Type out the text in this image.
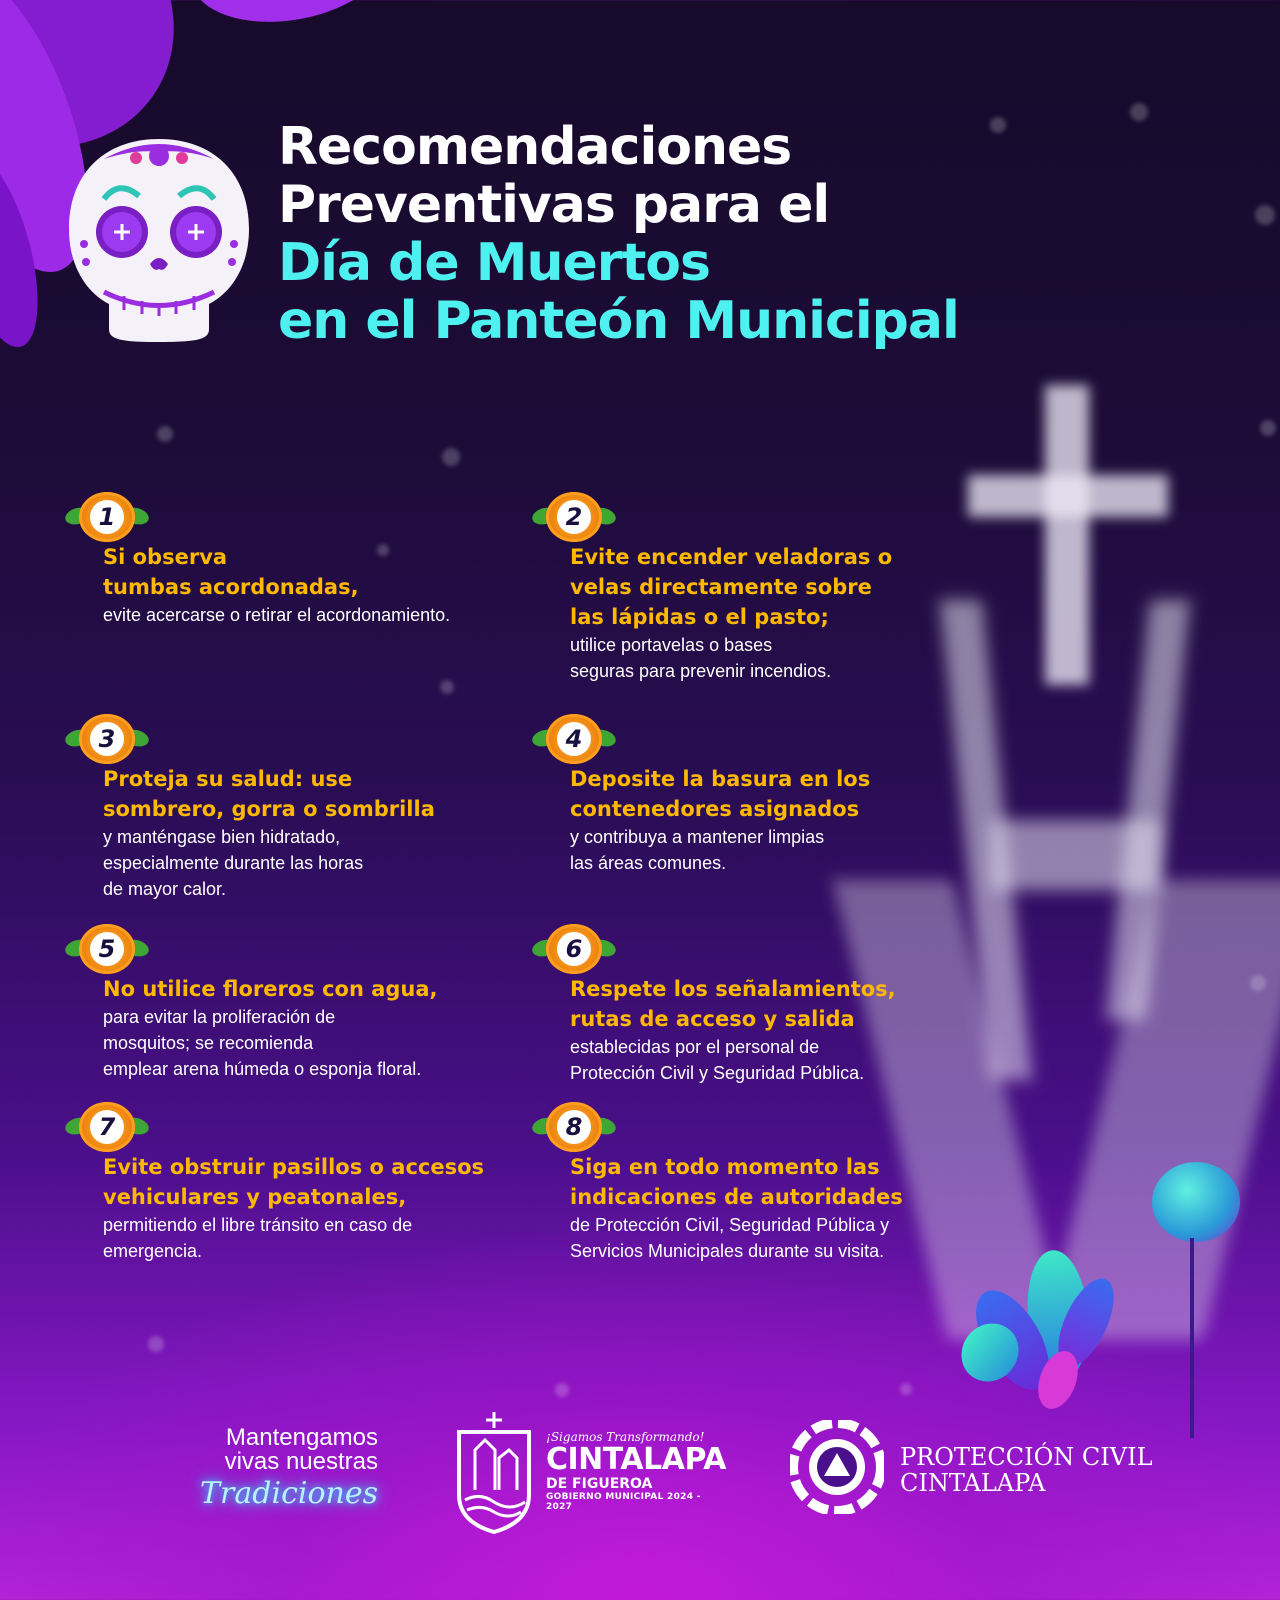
Recomendaciones
Preventivas para el
Día de Muertos
en el Panteón Municipal
1
Si observa
tumbas acordonadas,
evite acercarse o retirar el acordonamiento.
2
Evite encender veladoras o
velas directamente sobre
las lápidas o el pasto;
utilice portavelas o bases
seguras para prevenir incendios.
3
Proteja su salud: use
sombrero, gorra o sombrilla
y manténgase bien hidratado,
especialmente durante las horas
de mayor calor.
4
Deposite la basura en los
contenedores asignados
y contribuya a mantener limpias
las áreas comunes.
5
No utilice floreros con agua,
para evitar la proliferación de
mosquitos; se recomienda
emplear arena húmeda o esponja floral.
6
Respete los señalamientos,
rutas de acceso y salida
establecidas por el personal de
Protección Civil y Seguridad Pública.
7
Evite obstruir pasillos o accesos
vehiculares y peatonales,
permitiendo el libre tránsito en caso de
emergencia.
8
Siga en todo momento las
indicaciones de autoridades
de Protección Civil, Seguridad Pública y
Servicios Municipales durante su visita.
Mantengamos
vivas nuestras
Tradiciones
¡Sigamos Transformando!
CINTALAPA
DE FIGUEROA
GOBIERNO MUNICIPAL 2024 - 2027
PROTECCIÓN CIVIL
CINTALAPA
